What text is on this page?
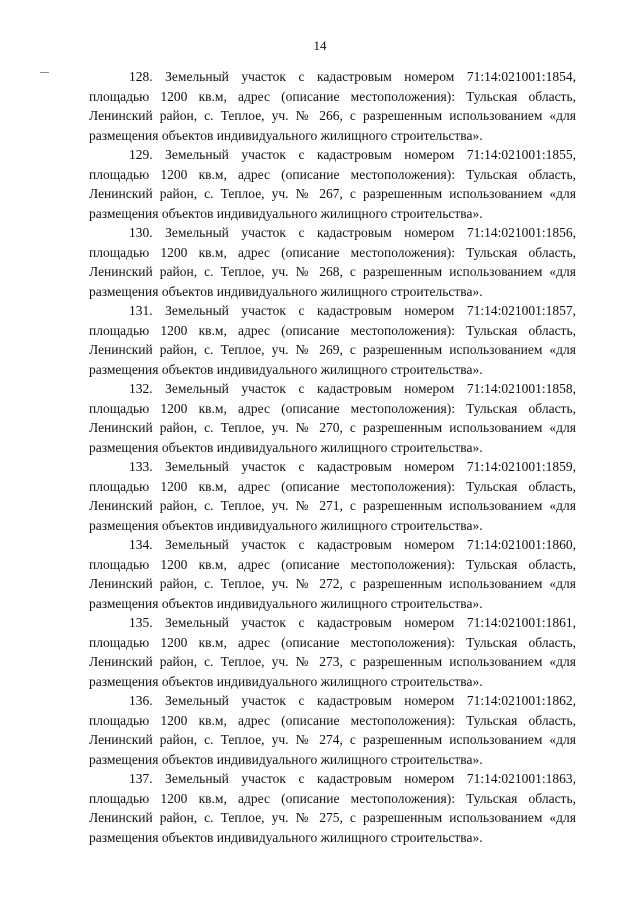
14

128. Земельный участок с кадастровым номером 71:14:021001:1854, площадью 1200 кв.м, адрес (описание местоположения): Тульская область, Ленинский район, с. Теплое, уч. № 266, с разрешенным использованием «для размещения объектов индивидуального жилищного строительства».

129. Земельный участок с кадастровым номером 71:14:021001:1855, площадью 1200 кв.м, адрес (описание местоположения): Тульская область, Ленинский район, с. Теплое, уч. № 267, с разрешенным использованием «для размещения объектов индивидуального жилищного строительства».

130. Земельный участок с кадастровым номером 71:14:021001:1856, площадью 1200 кв.м, адрес (описание местоположения): Тульская область, Ленинский район, с. Теплое, уч. № 268, с разрешенным использованием «для размещения объектов индивидуального жилищного строительства».

131. Земельный участок с кадастровым номером 71:14:021001:1857, площадью 1200 кв.м, адрес (описание местоположения): Тульская область, Ленинский район, с. Теплое, уч. № 269, с разрешенным использованием «для размещения объектов индивидуального жилищного строительства».

132. Земельный участок с кадастровым номером 71:14:021001:1858, площадью 1200 кв.м, адрес (описание местоположения): Тульская область, Ленинский район, с. Теплое, уч. № 270, с разрешенным использованием «для размещения объектов индивидуального жилищного строительства».

133. Земельный участок с кадастровым номером 71:14:021001:1859, площадью 1200 кв.м, адрес (описание местоположения): Тульская область, Ленинский район, с. Теплое, уч. № 271, с разрешенным использованием «для размещения объектов индивидуального жилищного строительства».

134. Земельный участок с кадастровым номером 71:14:021001:1860, площадью 1200 кв.м, адрес (описание местоположения): Тульская область, Ленинский район, с. Теплое, уч. № 272, с разрешенным использованием «для размещения объектов индивидуального жилищного строительства».

135. Земельный участок с кадастровым номером 71:14:021001:1861, площадью 1200 кв.м, адрес (описание местоположения): Тульская область, Ленинский район, с. Теплое, уч. № 273, с разрешенным использованием «для размещения объектов индивидуального жилищного строительства».

136. Земельный участок с кадастровым номером 71:14:021001:1862, площадью 1200 кв.м, адрес (описание местоположения): Тульская область, Ленинский район, с. Теплое, уч. № 274, с разрешенным использованием «для размещения объектов индивидуального жилищного строительства».

137. Земельный участок с кадастровым номером 71:14:021001:1863, площадью 1200 кв.м, адрес (описание местоположения): Тульская область, Ленинский район, с. Теплое, уч. № 275, с разрешенным использованием «для размещения объектов индивидуального жилищного строительства».
